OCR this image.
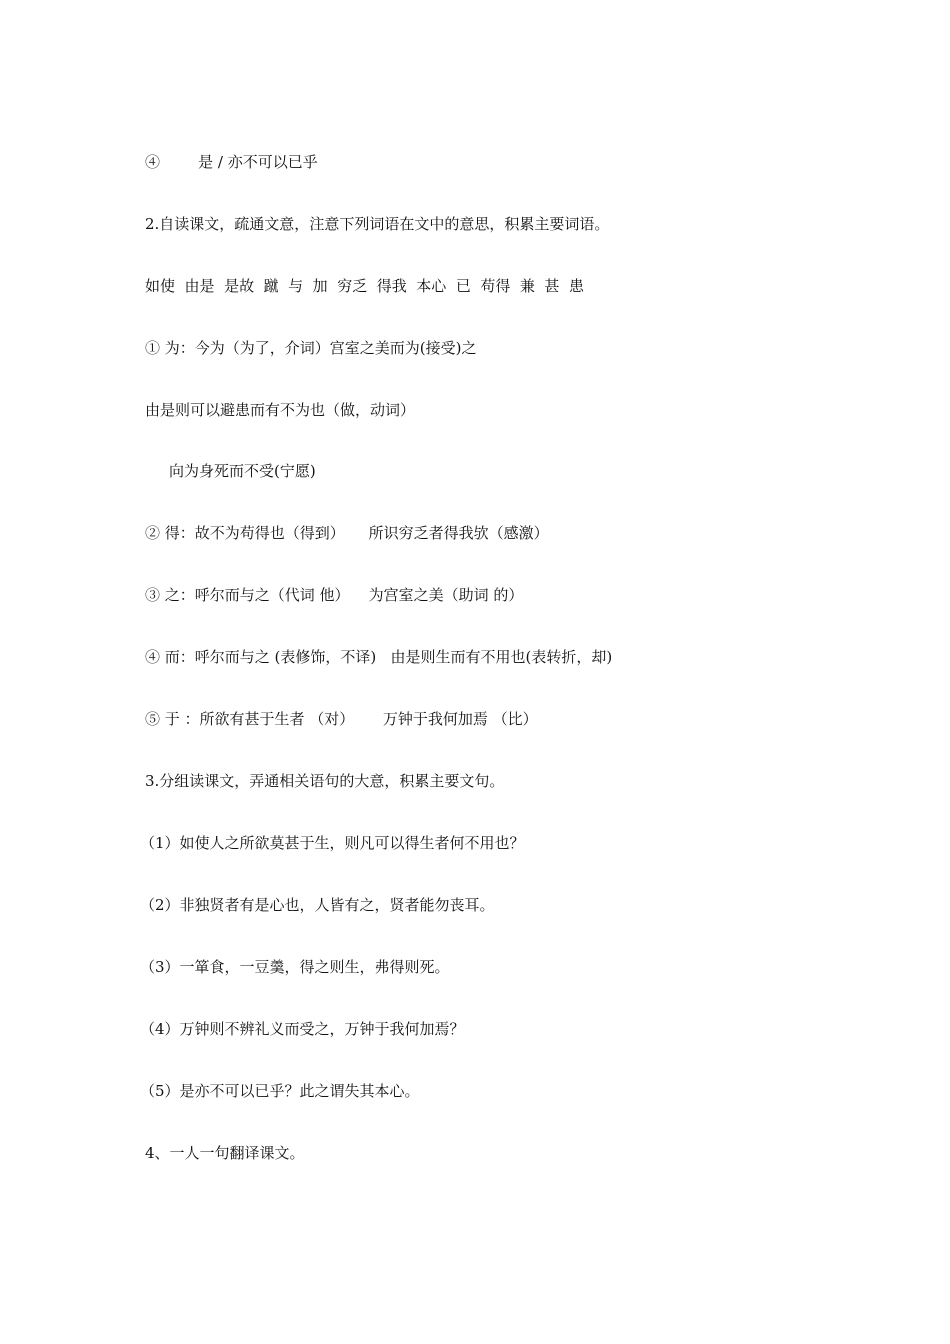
④        是 / 亦不可以已乎
2.自读课文，疏通文意，注意下列词语在文中的意思，积累主要词语。
如使  由是  是故  蹴  与  加  穷乏  得我  本心  已  苟得  兼  甚  患
① 为：今为（为了，介词）宫室之美而为(接受)之
由是则可以避患而有不为也（做，动词）
向为身死而不受(宁愿)
② 得：故不为苟得也（得到）     所识穷乏者得我欤（感激）
③ 之：呼尔而与之（代词 他）    为宫室之美（助词 的）
④ 而：呼尔而与之 (表修饰，不译)   由是则生而有不用也(表转折，却)
⑤ 于 ：所欲有甚于生者 （对）      万钟于我何加焉 （比）
3.分组读课文，弄通相关语句的大意，积累主要文句。
（1）如使人之所欲莫甚于生，则凡可以得生者何不用也？
（2）非独贤者有是心也，人皆有之，贤者能勿丧耳。
（3）一箪食，一豆羹，得之则生，弗得则死。
（4）万钟则不辨礼义而受之，万钟于我何加焉？
（5）是亦不可以已乎？此之谓失其本心。
4、一人一句翻译课文。
